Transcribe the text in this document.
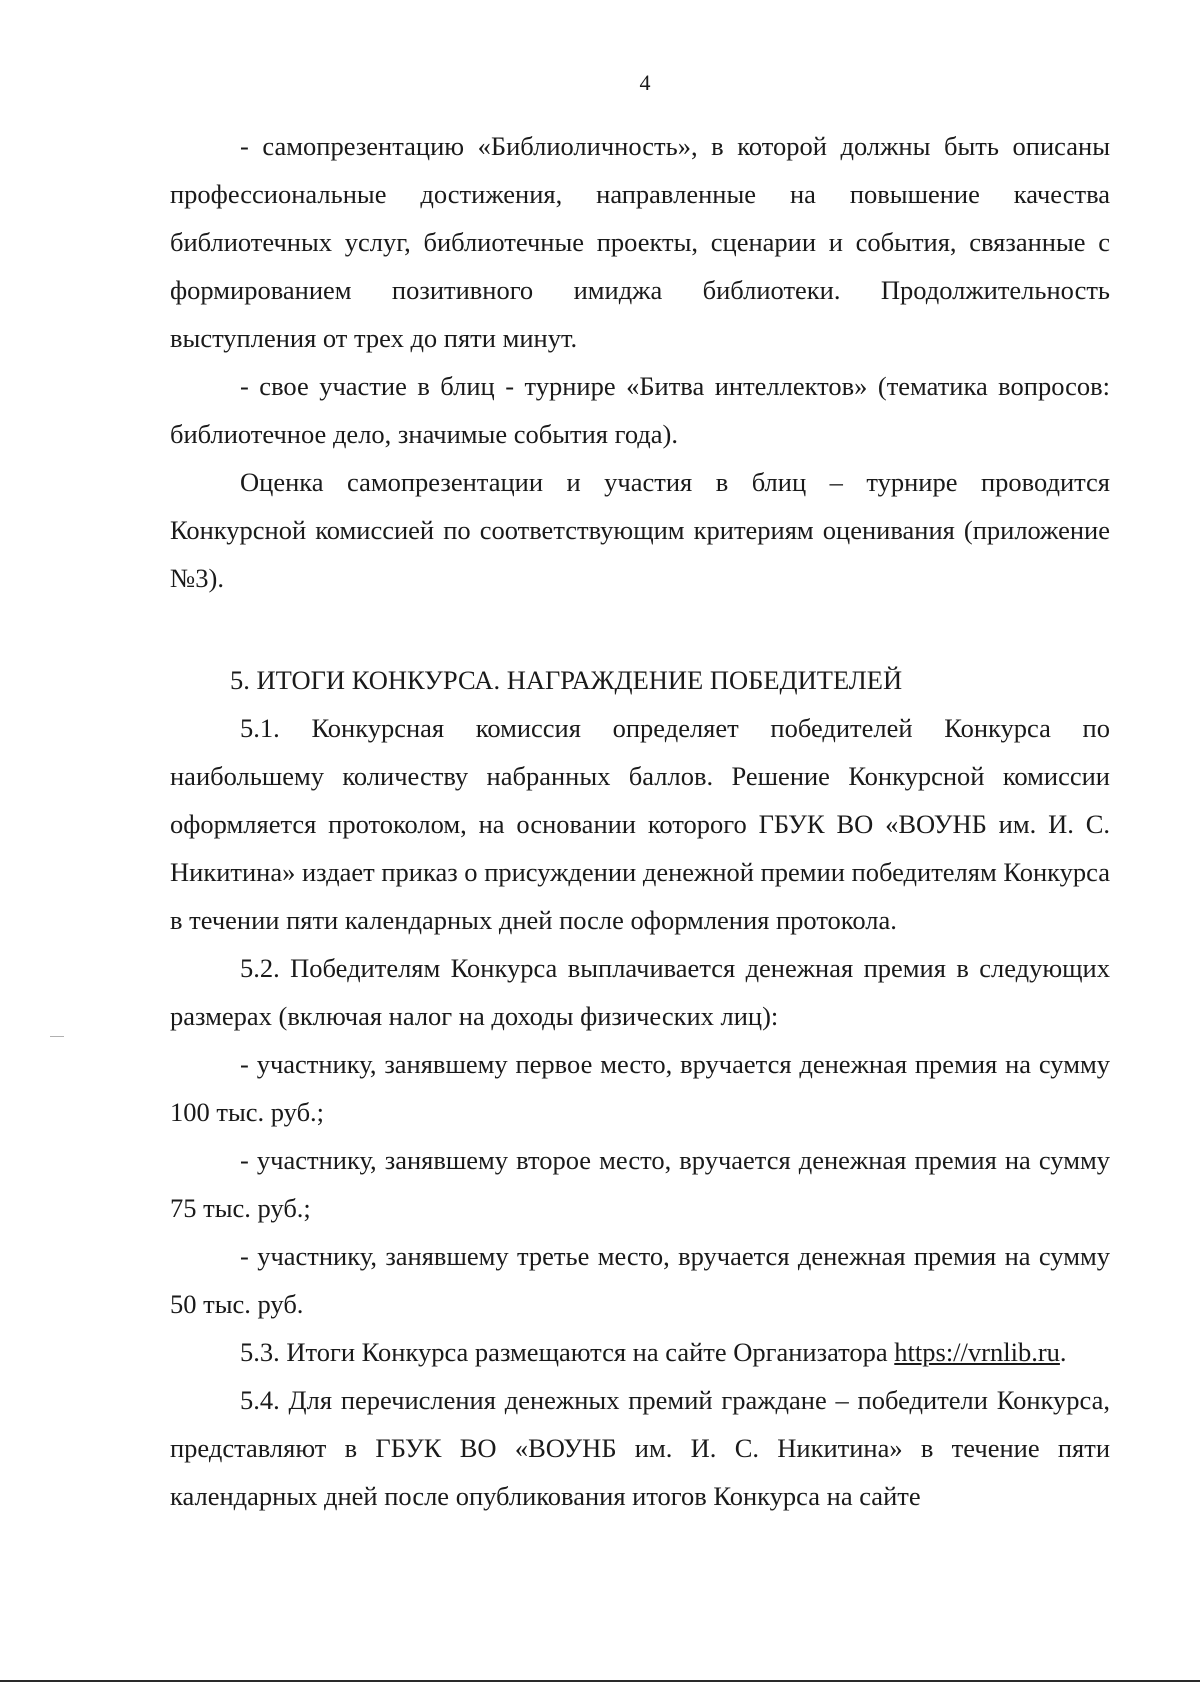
4

- самопрезентацию «Библиоличность», в которой должны быть описаны профессиональные достижения, направленные на повышение качества библиотечных услуг, библиотечные проекты, сценарии и события, связанные с формированием позитивного имиджа библиотеки. Продолжительность выступления от трех до пяти минут.

- свое участие в блиц - турнире «Битва интеллектов» (тематика вопросов: библиотечное дело, значимые события года).

Оценка самопрезентации и участия в блиц – турнире проводится Конкурсной комиссией по соответствующим критериям оценивания (приложение №3).

5. ИТОГИ КОНКУРСА. НАГРАЖДЕНИЕ ПОБЕДИТЕЛЕЙ

5.1. Конкурсная комиссия определяет победителей Конкурса по наибольшему количеству набранных баллов. Решение Конкурсной комиссии оформляется протоколом, на основании которого ГБУК ВО «ВОУНБ им. И. С. Никитина» издает приказ о присуждении денежной премии победителям Конкурса в течении пяти календарных дней после оформления протокола.

5.2. Победителям Конкурса выплачивается денежная премия в следующих размерах (включая налог на доходы физических лиц):

- участнику, занявшему первое место, вручается денежная премия на сумму 100 тыс. руб.;

- участнику, занявшему второе место, вручается денежная премия на сумму 75 тыс. руб.;

- участнику, занявшему третье место, вручается денежная премия на сумму 50 тыс. руб.

5.3. Итоги Конкурса размещаются на сайте Организатора https://vrnlib.ru.

5.4. Для перечисления денежных премий граждане – победители Конкурса, представляют в ГБУК ВО «ВОУНБ им. И. С. Никитина» в течение пяти календарных дней после опубликования итогов Конкурса на сайте
